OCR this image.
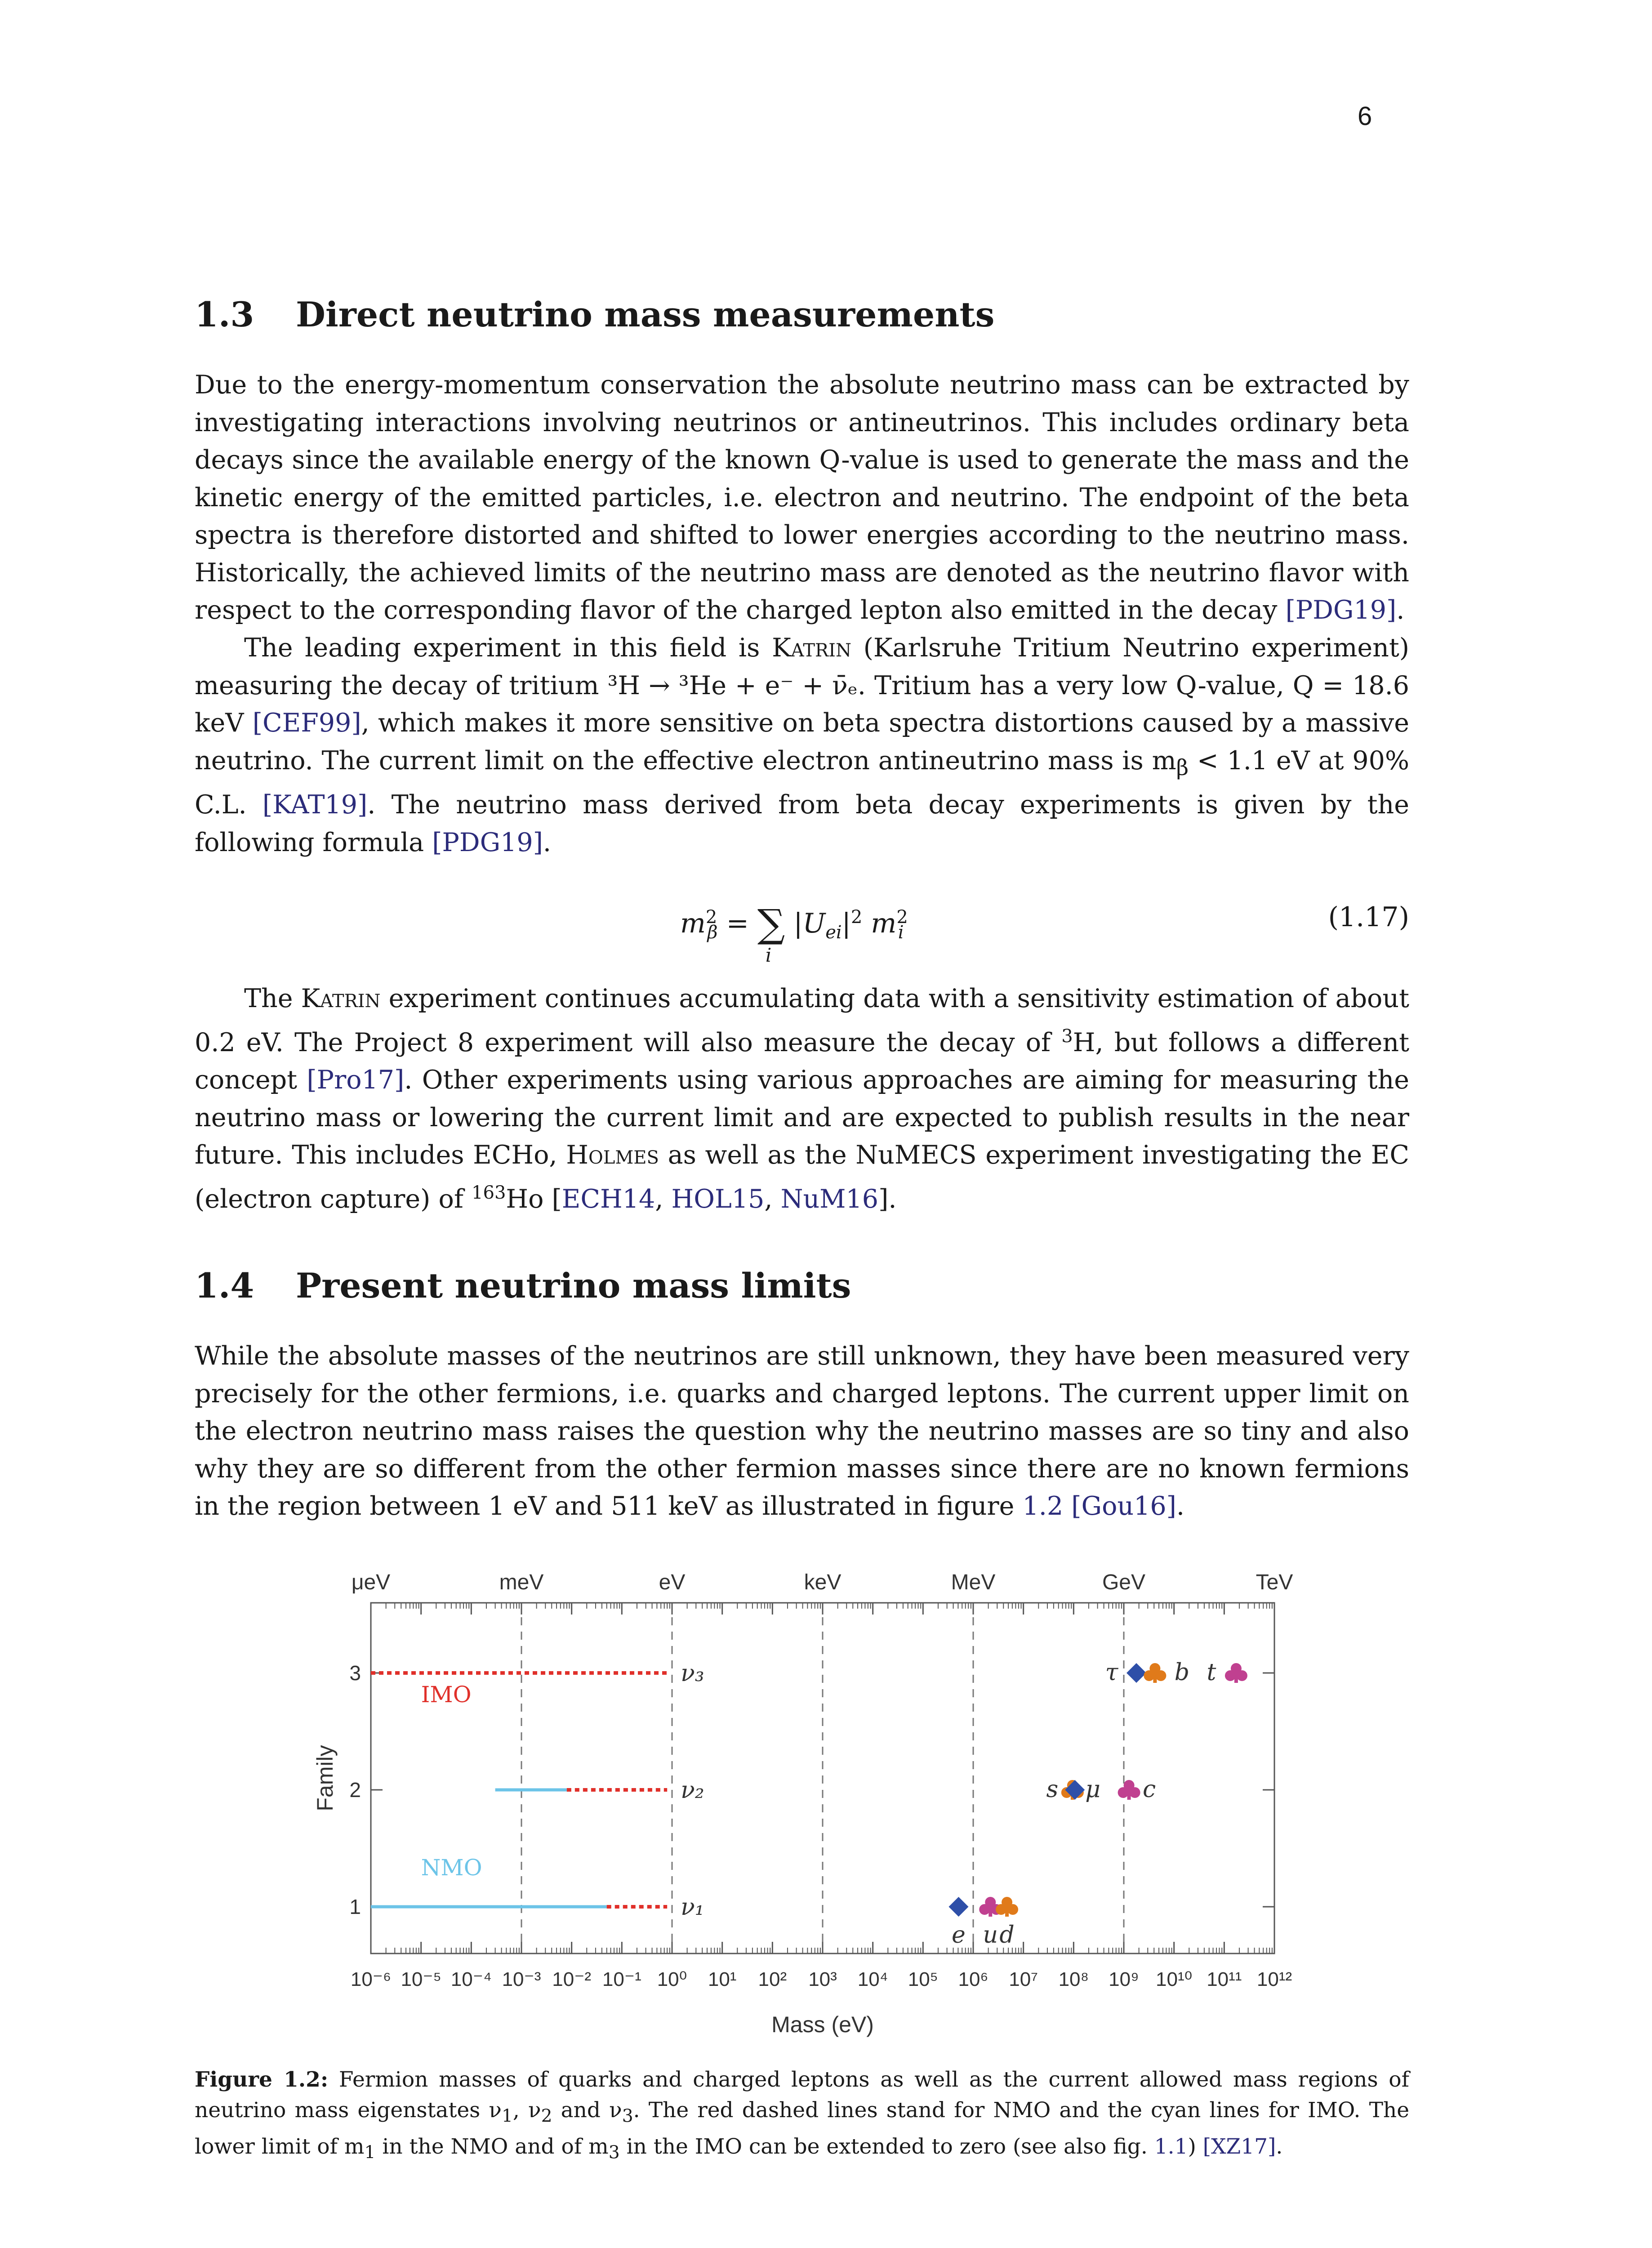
6
1.3 Direct neutrino mass measurements

Due to the energy-momentum conservation the absolute neutrino mass can be extracted by investigating interactions involving neutrinos or antineutrinos. This includes ordinary beta decays since the available energy of the known Q-value is used to generate the mass and the kinetic energy of the emitted particles, i.e. electron and neutrino. The endpoint of the beta spectra is therefore distorted and shifted to lower energies according to the neutrino mass. Historically, the achieved limits of the neutrino mass are denoted as the neutrino flavor with respect to the corresponding flavor of the charged lepton also emitted in the decay [PDG19].

The leading experiment in this field is Katrin (Karlsruhe Tritium Neutrino experiment) measuring the decay of tritium ³H → ³He + e⁻ + ν̄ₑ. Tritium has a very low Q-value, Q = 18.6 keV [CEF99], which makes it more sensitive on beta spectra distortions caused by a massive neutrino. The current limit on the effective electron antineutrino mass is $m_\beta < 1.1$ eV at 90% C.L. [KAT19]. The neutrino mass derived from beta decay experiments is given by the following formula [PDG19].

$m^2_\beta$ = ∑
i
$|U_{ei}|^2$ $m^2_i$	(1.17)

The Katrin experiment continues accumulating data with a sensitivity estimation of about 0.2 eV. The Project 8 experiment will also measure the decay of $^3$H, but follows a different concept [Pro17]. Other experiments using various approaches are aiming for measuring the neutrino mass or lowering the current limit and are expected to publish results in the near future. This includes ECHo, Holmes as well as the NuMECS experiment investigating the EC (electron capture) of $^{163}$Ho [ECH14, HOL15, NuM16].

1.4 Present neutrino mass limits

While the absolute masses of the neutrinos are still unknown, they have been measured very precisely for the other fermions, i.e. quarks and charged leptons. The current upper limit on the electron neutrino mass raises the question why the neutrino masses are so tiny and also why they are so different from the other fermion masses since there are no known fermions in the region between 1 eV and 511 keV as illustrated in figure 1.2 [Gou16].

μeV	meV	eV	keV	MeV	GeV	TeV
10⁻⁶ 10⁻⁵ 10⁻⁴ 10⁻³ 10⁻² 10⁻¹ 10⁰ 10¹ 10² 10³ 10⁴ 10⁵ 10⁶ 10⁷ 10⁸ 10⁹ 10¹⁰ 10¹¹ 10¹²
1
2
3
Mass (eV)
Family
ν₃
ν₂
ν₁
IMO
NMO
e u d
s μ c
τ b t

Figure 1.2: Fermion masses of quarks and charged leptons as well as the current allowed mass regions of neutrino mass eigenstates $\nu_1$, $\nu_2$ and $\nu_3$. The red dashed lines stand for NMO and the cyan lines for IMO. The lower limit of $m_1$ in the NMO and of $m_3$ in the IMO can be extended to zero (see also fig. 1.1) [XZ17].
